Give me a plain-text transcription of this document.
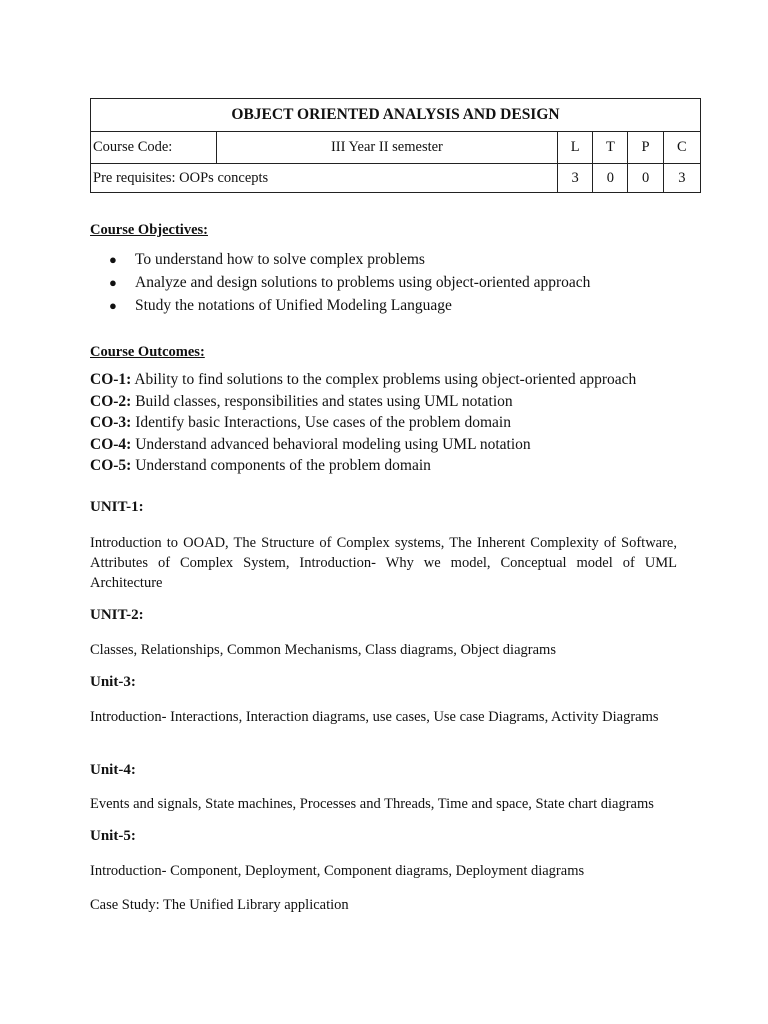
OBJECT ORIENTED ANALYSIS AND DESIGN					
Course Code:	III Year II semester	L	T	P	C
Pre requisites: OOPs concepts		3	0	0	3
Course Objectives:
● To understand how to solve complex problems
● Analyze and design solutions to problems using object-oriented approach
● Study the notations of Unified Modeling Language
Course Outcomes:
CO-1: Ability to find solutions to the complex problems using object-oriented approach
CO-2: Build classes, responsibilities and states using UML notation
CO-3: Identify basic Interactions, Use cases of the problem domain
CO-4: Understand advanced behavioral modeling using UML notation
CO-5: Understand components of the problem domain
UNIT-1:
Introduction to OOAD, The Structure of Complex systems, The Inherent Complexity of Software, Attributes of Complex System, Introduction- Why we model, Conceptual model of UML Architecture
UNIT-2:
Classes, Relationships, Common Mechanisms, Class diagrams, Object diagrams
Unit-3:
Introduction- Interactions, Interaction diagrams, use cases, Use case Diagrams, Activity Diagrams
Unit-4:
Events and signals, State machines, Processes and Threads, Time and space, State chart diagrams
Unit-5:
Introduction- Component, Deployment, Component diagrams, Deployment diagrams
Case Study: The Unified Library application
